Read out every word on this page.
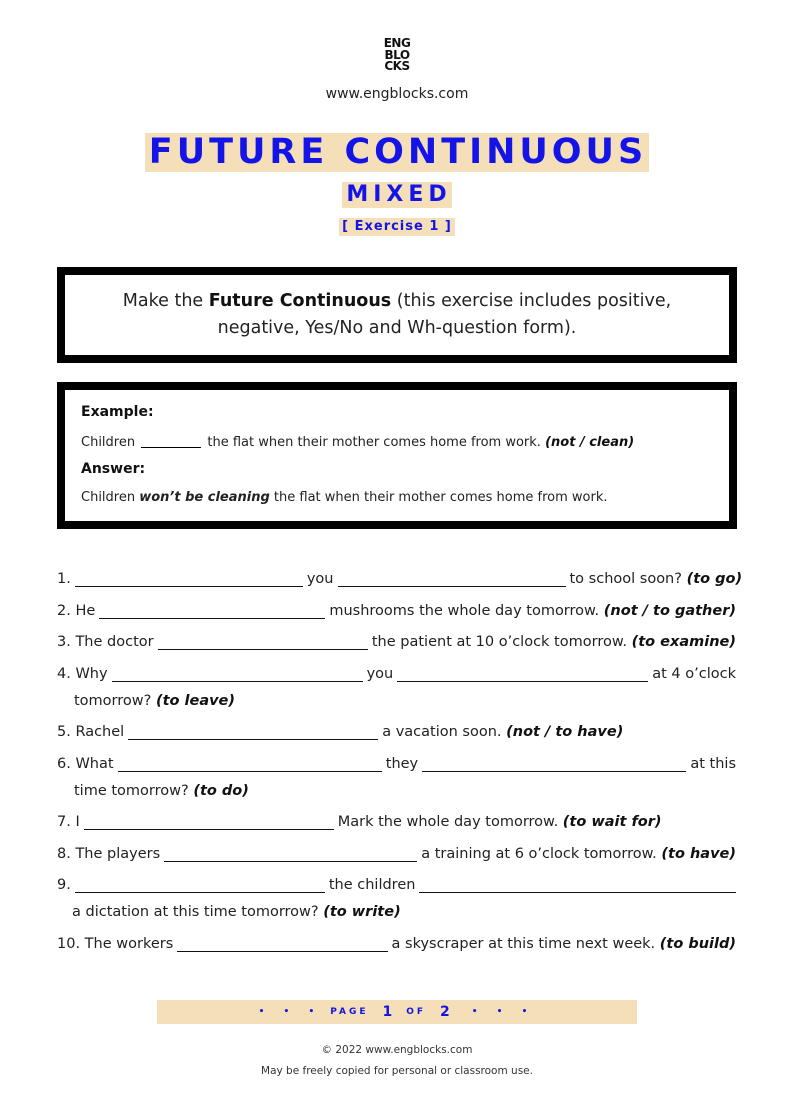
ENG
BLO
CKS
www.engblocks.com
FUTURE CONTINUOUS
MIXED
[ Exercise 1 ]
Make the Future Continuous (this exercise includes positive, negative, Yes/No and Wh-question form).
Example:
Children	the flat when their mother comes home from work. (not / clean)
Answer:
Children won’t be cleaning the flat when their mother comes home from work.
1.	you	to school soon?
(to go)
2. He	mushrooms the whole day tomorrow.
(not / to gather)
3. The doctor	the patient at 10 o’clock tomorrow.
(to examine)
4. Why	you	at 4 o’clock
tomorrow?
(to leave)
5. Rachel	a vacation soon.
(not / to have)
6. What	they	at this
time tomorrow?
(to do)
7. I	Mark the whole day tomorrow.
(to wait for)
8. The players	a training at 6 o’clock tomorrow.
(to have)
9.	the children
a dictation at this time tomorrow?
(to write)
10. The workers	a skyscraper at this time next week.
(to build)
• • • PAGE 1 OF 2 • • •
© 2022 www.engblocks.com
May be freely copied for personal or classroom use.
